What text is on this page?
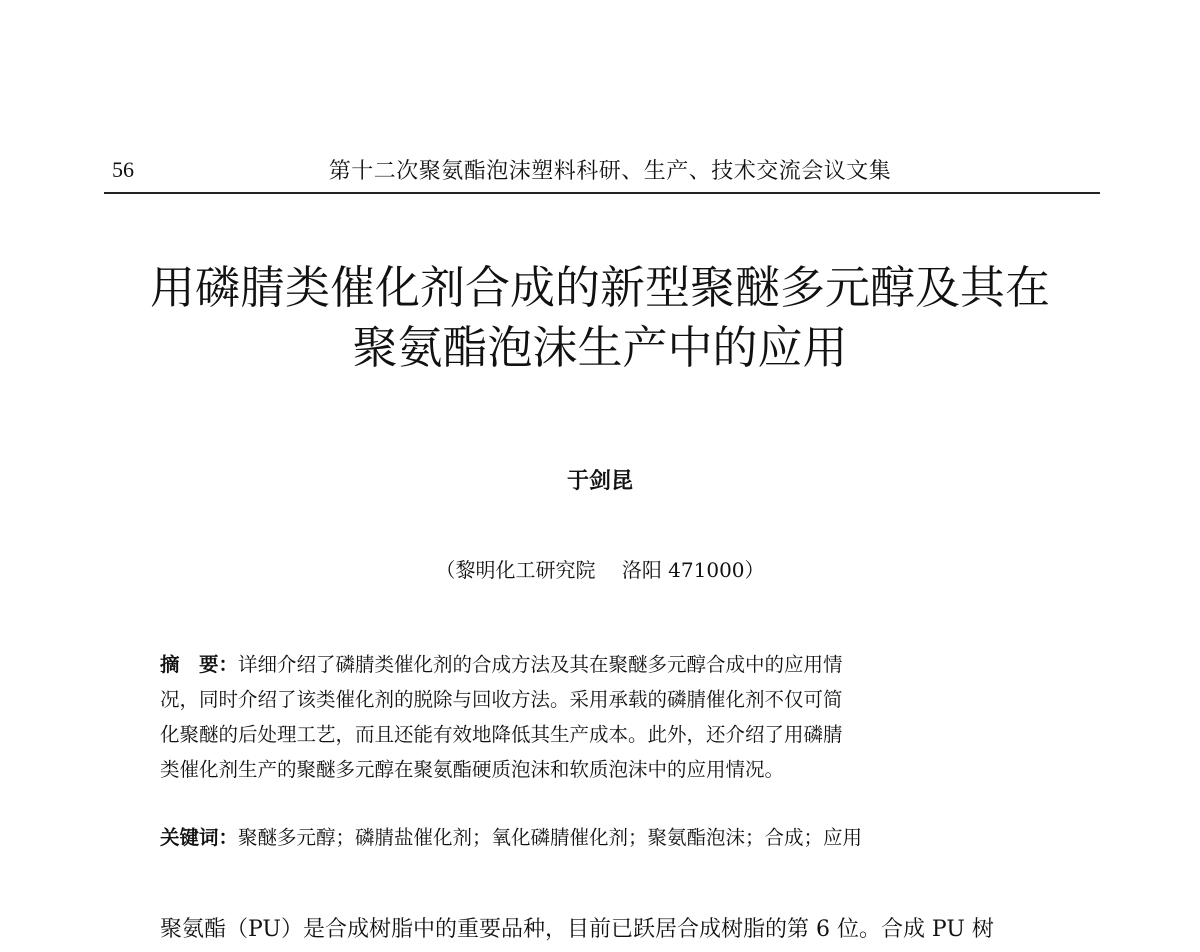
56	第十二次聚氨酯泡沫塑料科研、生产、技术交流会议文集
用磷腈类催化剂合成的新型聚醚多元醇及其在
聚氨酯泡沫生产中的应用
于剑昆
（黎明化工研究院　 洛阳 471000）
摘　要：详细介绍了磷腈类催化剂的合成方法及其在聚醚多元醇合成中的应用情
况，同时介绍了该类催化剂的脱除与回收方法。采用承载的磷腈催化剂不仅可简
化聚醚的后处理工艺，而且还能有效地降低其生产成本。此外，还介绍了用磷腈
类催化剂生产的聚醚多元醇在聚氨酯硬质泡沫和软质泡沫中的应用情况。
关键词：聚醚多元醇；磷腈盐催化剂；氧化磷腈催化剂；聚氨酯泡沫；合成；应用
聚氨酯（PU）是合成树脂中的重要品种，目前已跃居合成树脂的第 6 位。合成 PU 树
